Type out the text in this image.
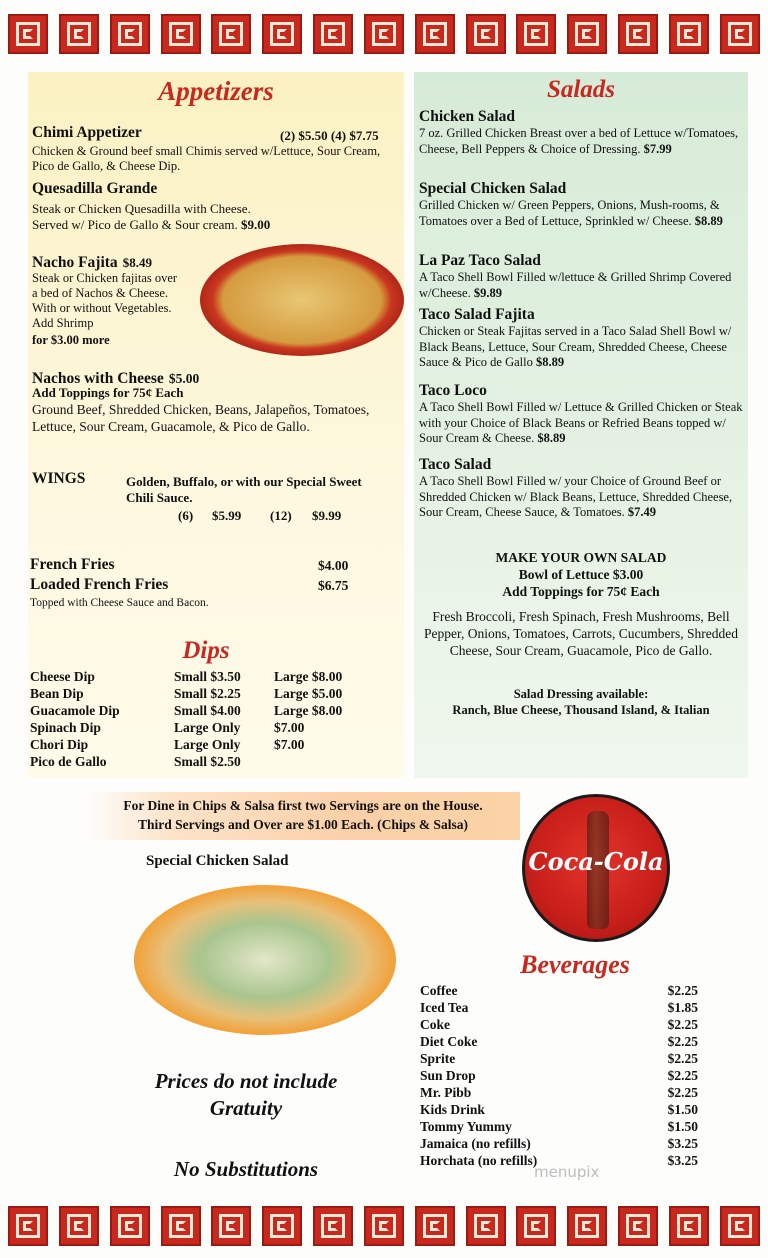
Appetizers
Chimi Appetizer	(2) $5.50 (4) $7.75
Chicken & Ground beef small Chimis served w/Lettuce, Sour Cream, Pico de Gallo, & Cheese Dip.
Quesadilla Grande
Steak or Chicken Quesadilla with Cheese.
Served w/ Pico de Gallo & Sour cream. $9.00
Nacho Fajita $8.49
Steak or Chicken fajitas over a bed of Nachos & Cheese. With or without Vegetables. Add Shrimp
for $3.00 more
Nachos with Cheese $5.00
Add Toppings for 75¢ Each
Ground Beef, Shredded Chicken, Beans, Jalapeños, Tomatoes, Lettuce, Sour Cream, Guacamole, & Pico de Gallo.
WINGS	Golden, Buffalo, or with our Special Sweet Chili Sauce.
(6) $5.99 (12) $9.99
French Fries	$4.00
Loaded French Fries	$6.75
Topped with Cheese Sauce and Bacon.
Dips
Cheese Dip	Small $3.50	Large $8.00
Bean Dip	Small $2.25	Large $5.00
Guacamole Dip	Small $4.00	Large $8.00
Spinach Dip	Large Only	$7.00
Chori Dip	Large Only	$7.00
Pico de Gallo	Small $2.50	
Salads
Chicken Salad
7 oz. Grilled Chicken Breast over a bed of Lettuce w/Tomatoes, Cheese, Bell Peppers & Choice of Dressing. $7.99
Special Chicken Salad
Grilled Chicken w/ Green Peppers, Onions, Mush-rooms, & Tomatoes over a Bed of Lettuce, Sprinkled w/ Cheese. $8.89
La Paz Taco Salad
A Taco Shell Bowl Filled w/lettuce & Grilled Shrimp Covered w/Cheese. $9.89
Taco Salad Fajita
Chicken or Steak Fajitas served in a Taco Salad Shell Bowl w/ Black Beans, Lettuce, Sour Cream, Shredded Cheese, Cheese Sauce & Pico de Gallo $8.89
Taco Loco
A Taco Shell Bowl Filled w/ Lettuce & Grilled Chicken or Steak with your Choice of Black Beans or Refried Beans topped w/ Sour Cream & Cheese. $8.89
Taco Salad
A Taco Shell Bowl Filled w/ your Choice of Ground Beef or Shredded Chicken w/ Black Beans, Lettuce, Shredded Cheese, Sour Cream, Cheese Sauce, & Tomatoes. $7.49
MAKE YOUR OWN SALAD
Bowl of Lettuce $3.00
Add Toppings for 75¢ Each
Fresh Broccoli, Fresh Spinach, Fresh Mushrooms, Bell Pepper, Onions, Tomatoes, Carrots, Cucumbers, Shredded Cheese, Sour Cream, Guacamole, Pico de Gallo.
Salad Dressing available:
Ranch, Blue Cheese, Thousand Island, & Italian
For Dine in Chips & Salsa first two Servings are on the House.
Third Servings and Over are $1.00 Each. (Chips & Salsa)
Coca-Cola
Special Chicken Salad
Beverages
Coffee	$2.25
Iced Tea	$1.85
Coke	$2.25
Diet Coke	$2.25
Sprite	$2.25
Sun Drop	$2.25
Mr. Pibb	$2.25
Kids Drink	$1.50
Tommy Yummy	$1.50
Jamaica (no refills)	$3.25
Horchata (no refills)	$3.25
Prices do not include
Gratuity
No Substitutions	menupix
